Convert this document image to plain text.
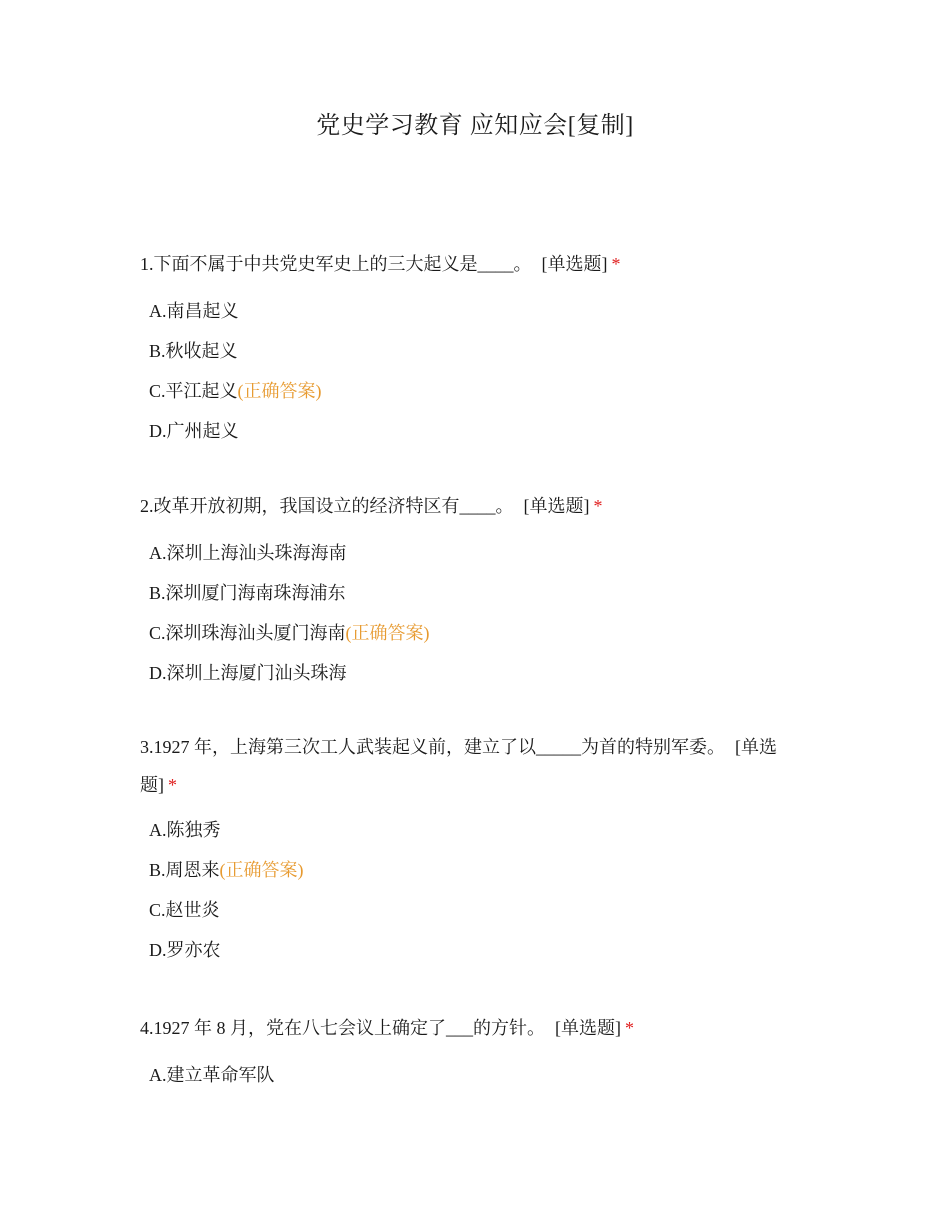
党史学习教育 应知应会[复制]

1.下面不属于中共党史军史上的三大起义是____。 [单选题] *

A.南昌起义
B.秋收起义
C.平江起义(正确答案)
D.广州起义

2.改革开放初期，我国设立的经济特区有____。 [单选题] *

A.深圳上海汕头珠海海南
B.深圳厦门海南珠海浦东
C.深圳珠海汕头厦门海南(正确答案)
D.深圳上海厦门汕头珠海

3.1927 年，上海第三次工人武装起义前，建立了以_____为首的特别军委。 [单选题] *

A.陈独秀
B.周恩来(正确答案)
C.赵世炎
D.罗亦农

4.1927 年 8 月，党在八七会议上确定了___的方针。 [单选题] *

A.建立革命军队
